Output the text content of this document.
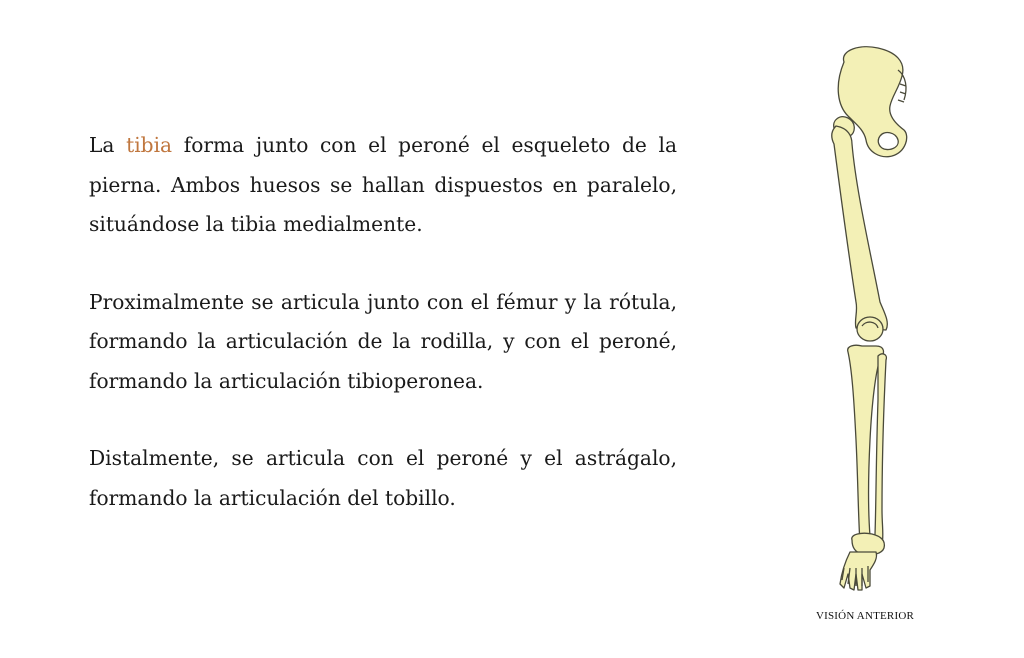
La tibia forma junto con el peroné el esqueleto de la pierna. Ambos huesos se hallan dispuestos en paralelo, situándose la tibia medialmente.

Proximalmente se articula junto con el fémur y la rótula, formando la articulación de la rodilla, y con el peroné, formando la articulación tibioperonea.

Distalmente, se articula con el peroné y el astrágalo, formando la articulación del tobillo.

VISIÓN ANTERIOR
